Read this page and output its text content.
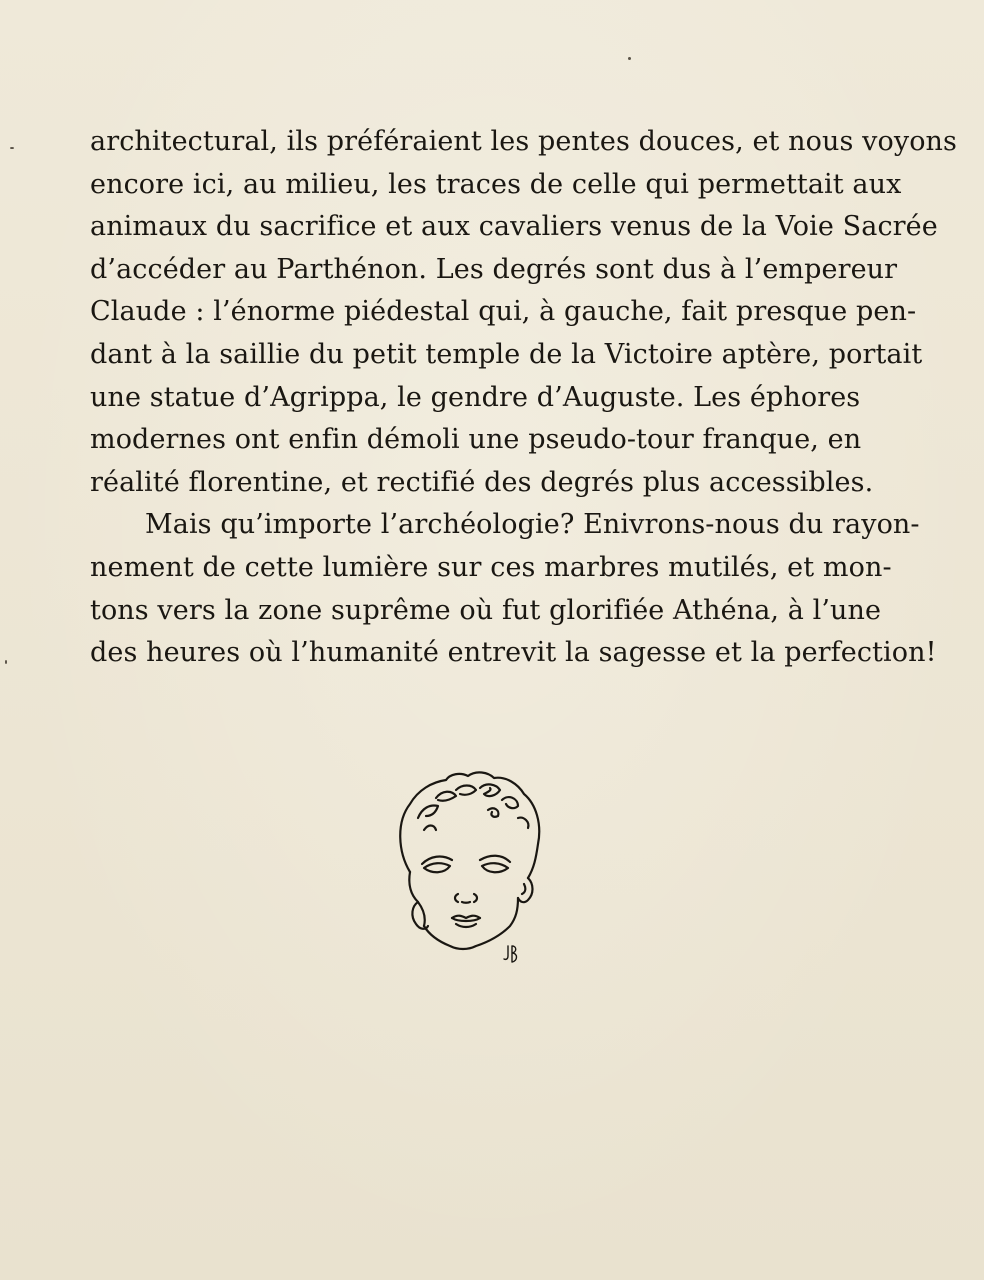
architectural, ils préféraient les pentes douces, et nous voyons
encore ici, au milieu, les traces de celle qui permettait aux
animaux du sacrifice et aux cavaliers venus de la Voie Sacrée
d’accéder au Parthénon. Les degrés sont dus à l’empereur
Claude : l’énorme piédestal qui, à gauche, fait presque pen-
dant à la saillie du petit temple de la Victoire aptère, portait
une statue d’Agrippa, le gendre d’Auguste. Les éphores
modernes ont enfin démoli une pseudo-tour franque, en
réalité florentine, et rectifié des degrés plus accessibles.
Mais qu’importe l’archéologie? Enivrons-nous du rayon-
nement de cette lumière sur ces marbres mutilés, et mon-
tons vers la zone suprême où fut glorifiée Athéna, à l’une
des heures où l’humanité entrevit la sagesse et la perfection!
